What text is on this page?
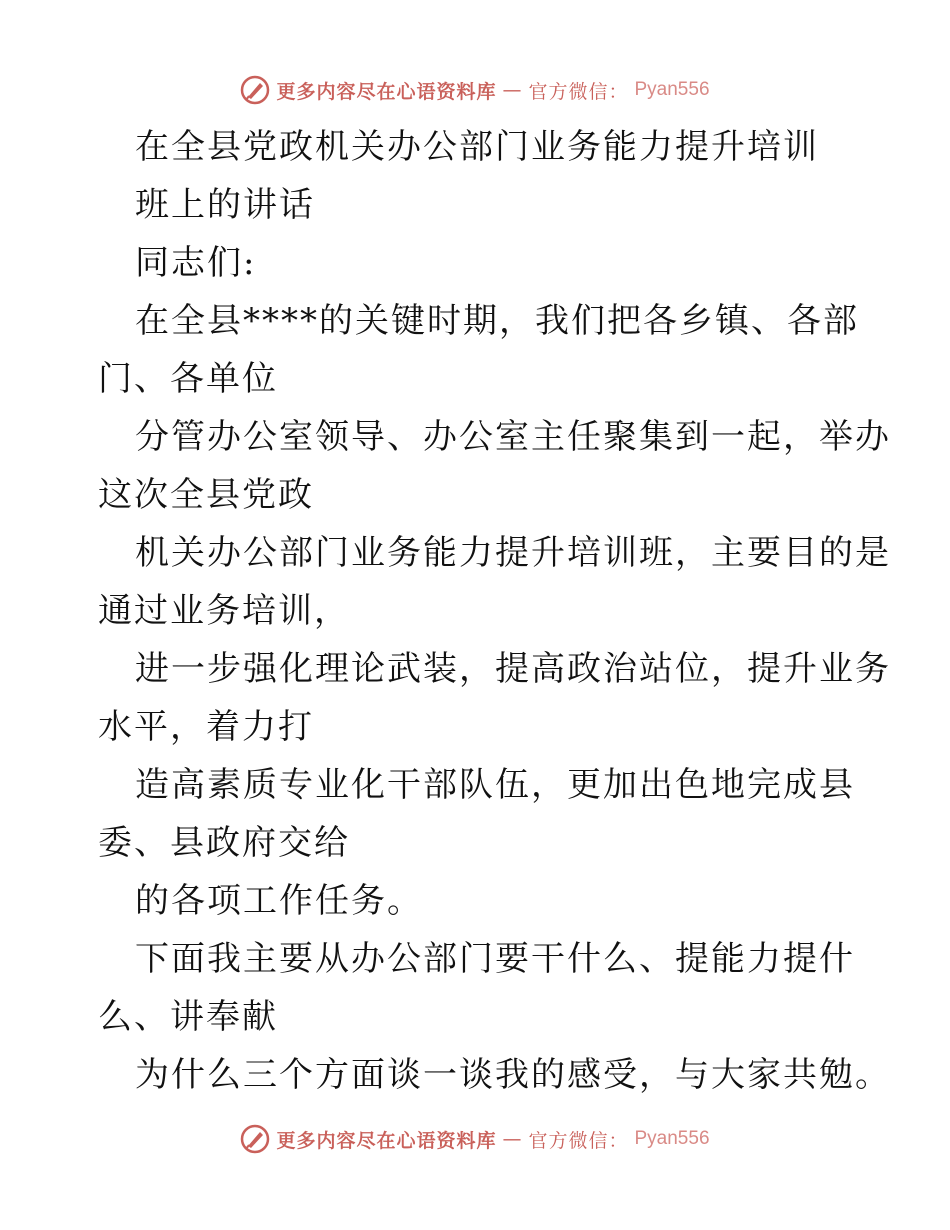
更多内容尽在心语资料库 — 官方微信： Pyan556
在全县党政机关办公部门业务能力提升培训
班上的讲话
同志们:
在全县****的关键时期，我们把各乡镇、各部
门、各单位
分管办公室领导、办公室主任聚集到一起，举办
这次全县党政
机关办公部门业务能力提升培训班，主要目的是
通过业务培训，
进一步强化理论武装，提高政治站位，提升业务
水平，着力打
造高素质专业化干部队伍，更加出色地完成县
委、县政府交给
的各项工作任务。
下面我主要从办公部门要干什么、提能力提什
么、讲奉献
为什么三个方面谈一谈我的感受，与大家共勉。
更多内容尽在心语资料库 — 官方微信： Pyan556
